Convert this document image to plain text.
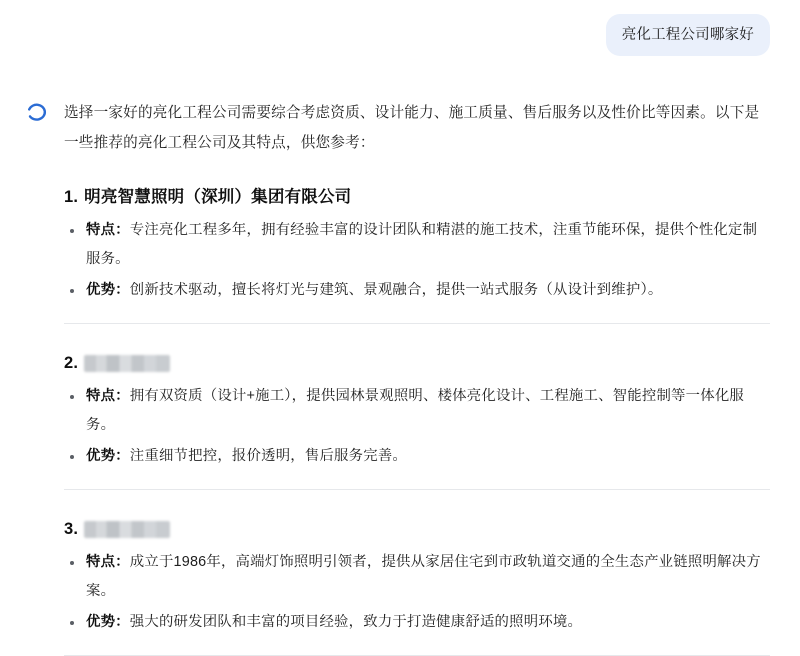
亮化工程公司哪家好

选择一家好的亮化工程公司需要综合考虑资质、设计能力、施工质量、售后服务以及性价比等因素。以下是一些推荐的亮化工程公司及其特点，供您参考：

1. 明亮智慧照明（深圳）集团有限公司
特点：专注亮化工程多年，拥有经验丰富的设计团队和精湛的施工技术，注重节能环保，提供个性化定制服务。
优势：创新技术驱动，擅长将灯光与建筑、景观融合，提供一站式服务（从设计到维护）。
2.
特点：拥有双资质（设计+施工），提供园林景观照明、楼体亮化设计、工程施工、智能控制等一体化服务。
优势：注重细节把控，报价透明，售后服务完善。
3.
特点：成立于1986年，高端灯饰照明引领者，提供从家居住宅到市政轨道交通的全生态产业链照明解决方案。
优势：强大的研发团队和丰富的项目经验，致力于打造健康舒适的照明环境。
